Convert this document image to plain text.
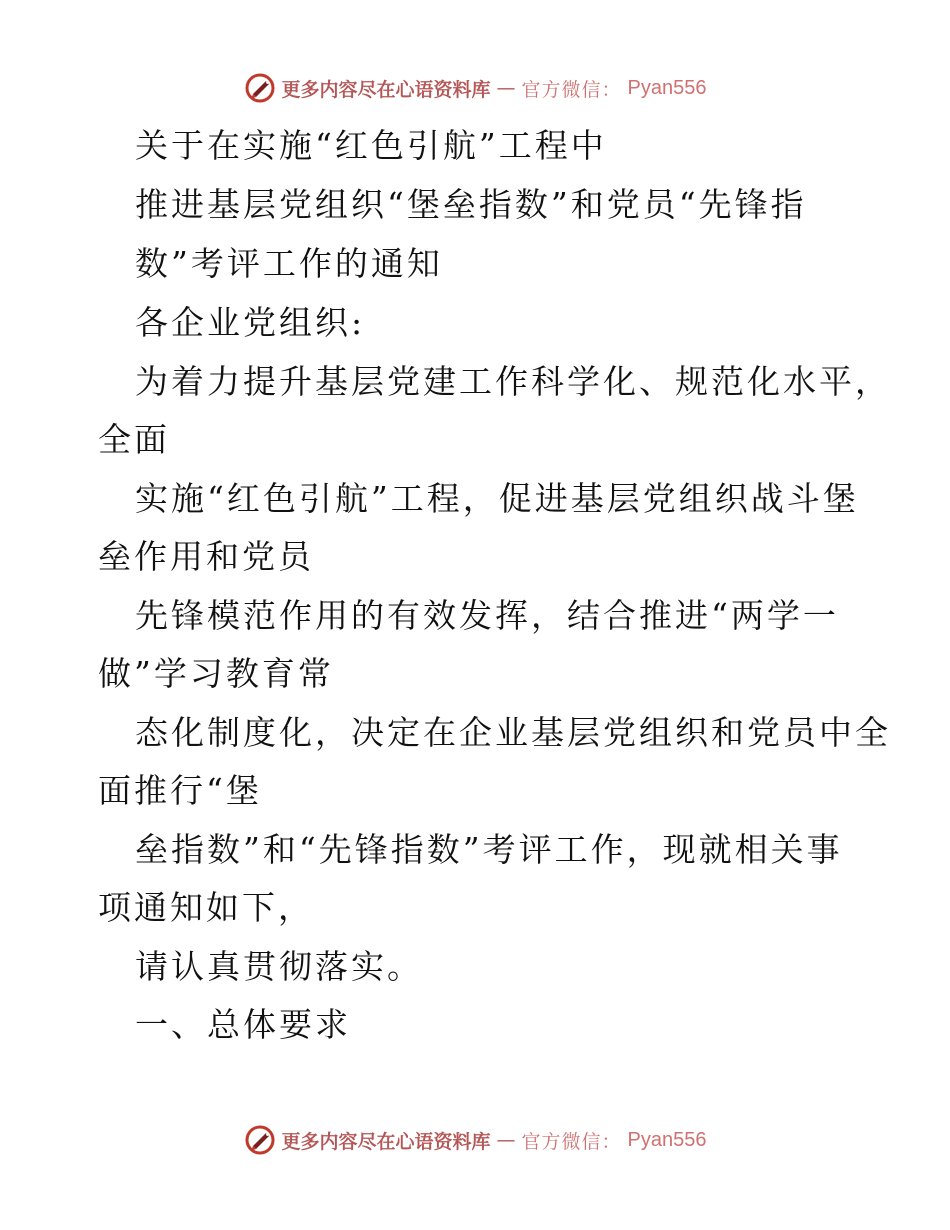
更多内容尽在心语资料库 — 官方微信： Pyan556
关于在实施“红色引航”工程中
推进基层党组织“堡垒指数”和党员“先锋指
数”考评工作的通知
各企业党组织:
为着力提升基层党建工作科学化、规范化水平，
全面
实施“红色引航”工程，促进基层党组织战斗堡
垒作用和党员
先锋模范作用的有效发挥，结合推进“两学一
做”学习教育常
态化制度化，决定在企业基层党组织和党员中全
面推行“堡
垒指数”和“先锋指数”考评工作，现就相关事
项通知如下，
请认真贯彻落实。
一、总体要求
更多内容尽在心语资料库 — 官方微信： Pyan556
